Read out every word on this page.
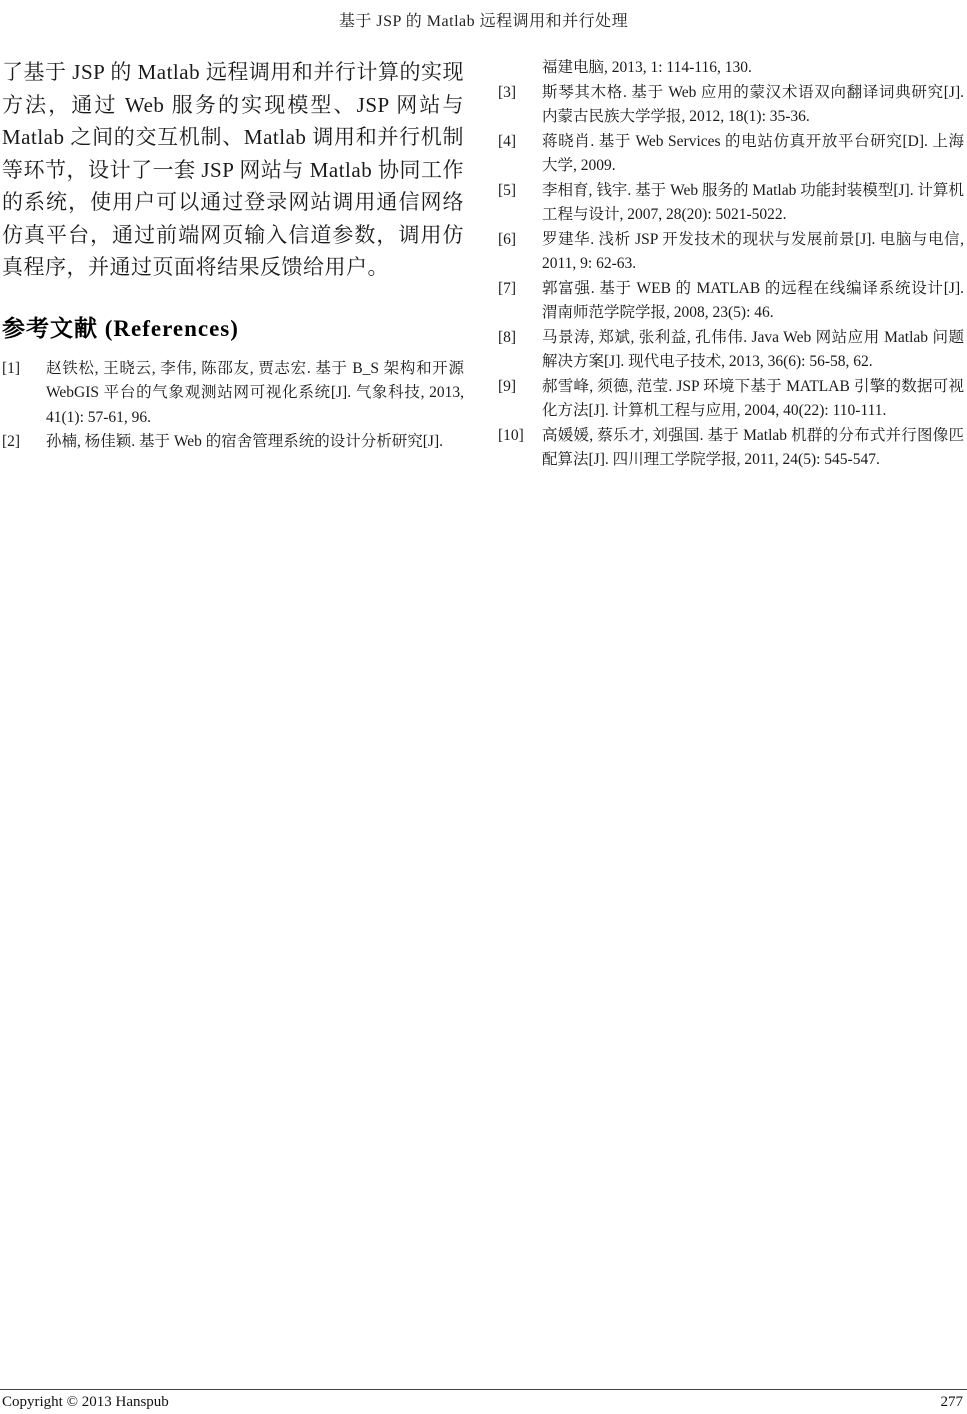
基于 JSP 的 Matlab 远程调用和并行处理

了基于 JSP 的 Matlab 远程调用和并行计算的实现方法，通过 Web 服务的实现模型、JSP 网站与 Matlab 之间的交互机制、Matlab 调用和并行机制等环节，设计了一套 JSP 网站与 Matlab 协同工作的系统，使用户可以通过登录网站调用通信网络仿真平台，通过前端网页输入信道参数，调用仿真程序，并通过页面将结果反馈给用户。

参考文献 (References)
[1] 赵铁松, 王晓云, 李伟, 陈邵友, 贾志宏. 基于 B_S 架构和开源 WebGIS 平台的气象观测站网可视化系统[J]. 气象科技, 2013, 41(1): 57-61, 96.
[2] 孙楠, 杨佳颖. 基于 Web 的宿舍管理系统的设计分析研究[J].
福建电脑, 2013, 1: 114-116, 130.
[3] 斯琴其木格. 基于 Web 应用的蒙汉术语双向翻译词典研究[J]. 内蒙古民族大学学报, 2012, 18(1): 35-36.
[4] 蒋晓肖. 基于 Web Services 的电站仿真开放平台研究[D]. 上海大学, 2009.
[5] 李相育, 钱宇. 基于 Web 服务的 Matlab 功能封装模型[J]. 计算机工程与设计, 2007, 28(20): 5021-5022.
[6] 罗建华. 浅析 JSP 开发技术的现状与发展前景[J]. 电脑与电信, 2011, 9: 62-63.
[7] 郭富强. 基于 WEB 的 MATLAB 的远程在线编译系统设计[J]. 渭南师范学院学报, 2008, 23(5): 46.
[8] 马景涛, 郑斌, 张利益, 孔伟伟. Java Web 网站应用 Matlab 问题解决方案[J]. 现代电子技术, 2013, 36(6): 56-58, 62.
[9] 郝雪峰, 须德, 范莹. JSP 环境下基于 MATLAB 引擎的数据可视化方法[J]. 计算机工程与应用, 2004, 40(22): 110-111.
[10] 高媛媛, 蔡乐才, 刘强国. 基于 Matlab 机群的分布式并行图像匹配算法[J]. 四川理工学院学报, 2011, 24(5): 545-547.
Copyright © 2013 Hanspub	277
